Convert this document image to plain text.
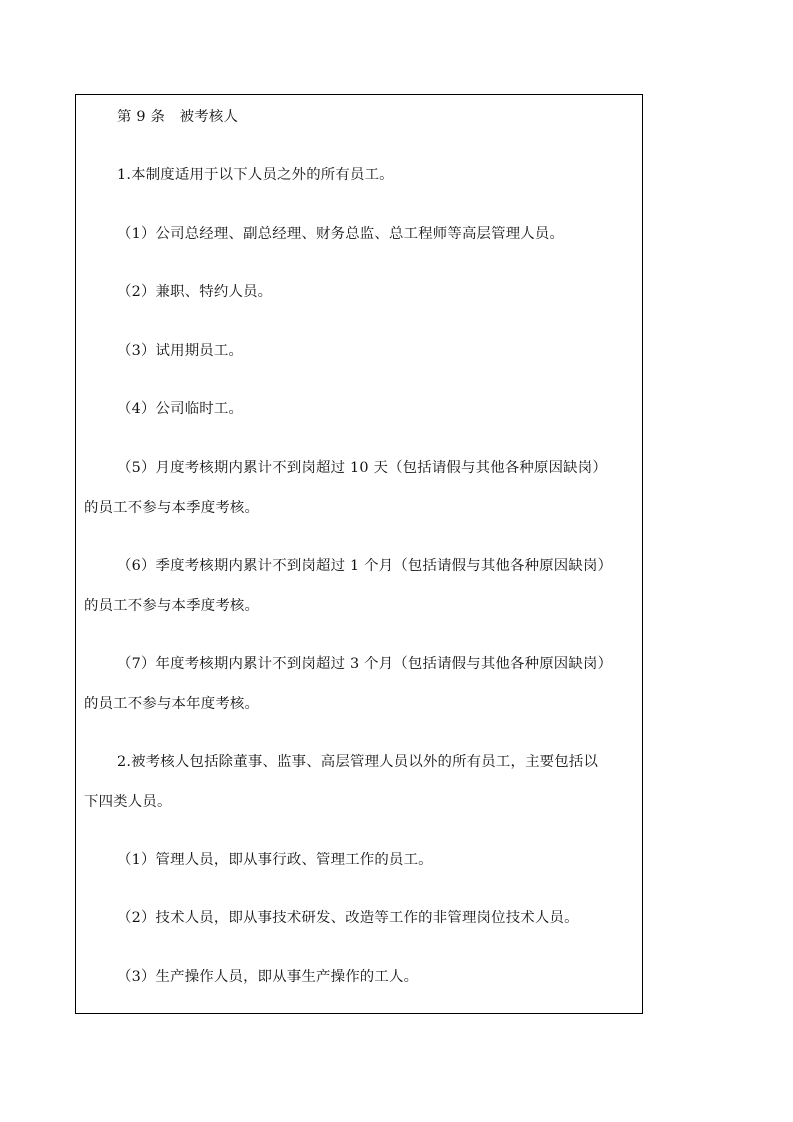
第 9 条　被考核人
1.本制度适用于以下人员之外的所有员工。
（1）公司总经理、副总经理、财务总监、总工程师等高层管理人员。
（2）兼职、特约人员。
（3）试用期员工。
（4）公司临时工。
（5）月度考核期内累计不到岗超过 10 天（包括请假与其他各种原因缺岗）
的员工不参与本季度考核。
（6）季度考核期内累计不到岗超过 1 个月（包括请假与其他各种原因缺岗）
的员工不参与本季度考核。
（7）年度考核期内累计不到岗超过 3 个月（包括请假与其他各种原因缺岗）
的员工不参与本年度考核。
2.被考核人包括除董事、监事、高层管理人员以外的所有员工，主要包括以
下四类人员。
（1）管理人员，即从事行政、管理工作的员工。
（2）技术人员，即从事技术研发、改造等工作的非管理岗位技术人员。
（3）生产操作人员，即从事生产操作的工人。
